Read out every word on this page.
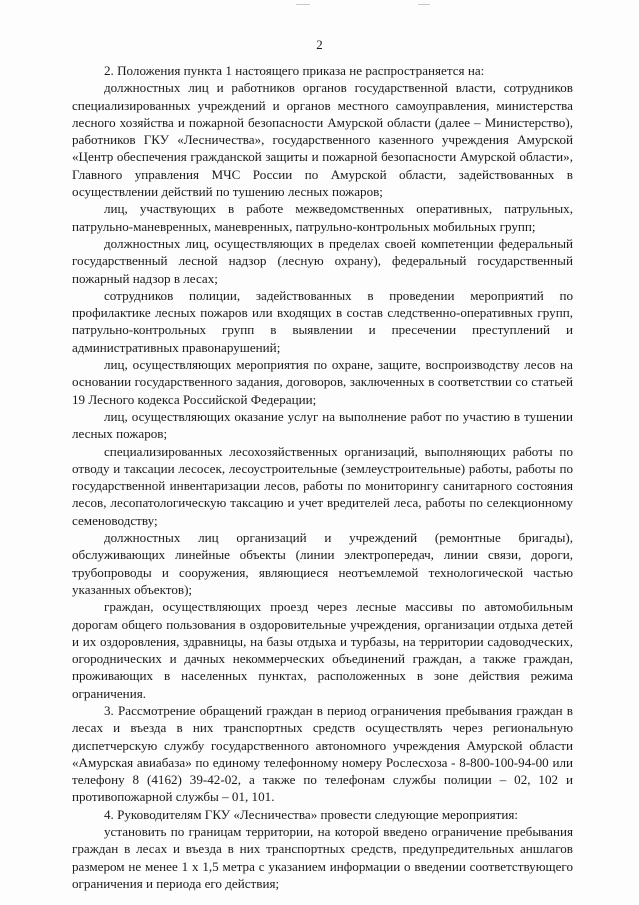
2

2. Положения пункта 1 настоящего приказа не распространяется на:

должностных лиц и работников органов государственной власти, сотрудников специализированных учреждений и органов местного самоуправления, министерства лесного хозяйства и пожарной безопасности Амурской области (далее – Министерство), работников ГКУ «Лесничества», государственного казенного учреждения Амурской «Центр обеспечения гражданской защиты и пожарной безопасности Амурской области», Главного управления МЧС России по Амурской области, задействованных в осуществлении действий по тушению лесных пожаров;

лиц, участвующих в работе межведомственных оперативных, патрульных, патрульно-маневренных, маневренных, патрульно-контрольных мобильных групп;

должностных лиц, осуществляющих в пределах своей компетенции федеральный государственный лесной надзор (лесную охрану), федеральный государственный пожарный надзор в лесах;

сотрудников полиции, задействованных в проведении мероприятий по профилактике лесных пожаров или входящих в состав следственно-оперативных групп, патрульно-контрольных групп в выявлении и пресечении преступлений и административных правонарушений;

лиц, осуществляющих мероприятия по охране, защите, воспроизводству лесов на основании государственного задания, договоров, заключенных в соответствии со статьей 19 Лесного кодекса Российской Федерации;

лиц, осуществляющих оказание услуг на выполнение работ по участию в тушении лесных пожаров;

специализированных лесохозяйственных организаций, выполняющих работы по отводу и таксации лесосек, лесоустроительные (землеустроительные) работы, работы по государственной инвентаризации лесов, работы по мониторингу санитарного состояния лесов, лесопатологическую таксацию и учет вредителей леса, работы по селекционному семеноводству;

должностных лиц организаций и учреждений (ремонтные бригады), обслуживающих линейные объекты (линии электропередач, линии связи, дороги, трубопроводы и сооружения, являющиеся неотъемлемой технологической частью указанных объектов);

граждан, осуществляющих проезд через лесные массивы по автомобильным дорогам общего пользования в оздоровительные учреждения, организации отдыха детей и их оздоровления, здравницы, на базы отдыха и турбазы, на территории садоводческих, огороднических и дачных некоммерческих объединений граждан, а также граждан, проживающих в населенных пунктах, расположенных в зоне действия режима ограничения.

3. Рассмотрение обращений граждан в период ограничения пребывания граждан в лесах и въезда в них транспортных средств осуществлять через региональную диспетчерскую службу государственного автономного учреждения Амурской области «Амурская авиабаза» по единому телефонному номеру Рослесхоза - 8-800-100-94-00 или телефону 8 (4162) 39-42-02, а также по телефонам службы полиции – 02, 102 и противопожарной службы – 01, 101.

4. Руководителям ГКУ «Лесничества» провести следующие мероприятия:

установить по границам территории, на которой введено ограничение пребывания граждан в лесах и въезда в них транспортных средств, предупредительных аншлагов размером не менее 1 х 1,5 метра с указанием информации о введении соответствующего ограничения и периода его действия;
